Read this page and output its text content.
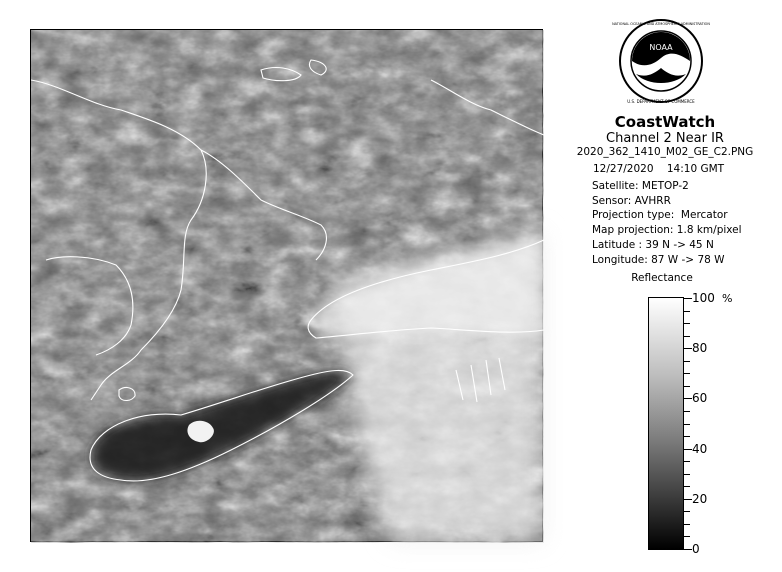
NOAA
NATIONAL OCEANIC AND ATMOSPHERIC ADMINISTRATION
U.S. DEPARTMENT OF COMMERCE
CoastWatch
Channel 2 Near IR
2020_362_1410_M02_GE_C2.PNG
12/27/2020    14:10 GMT
Satellite: METOP-2
Sensor: AVHRR
Projection type:  Mercator
Map projection: 1.8 km/pixel
Latitude : 39 N -> 45 N
Longitude: 87 W -> 78 W
Reflectance
%
100
80
60
40
20
0
